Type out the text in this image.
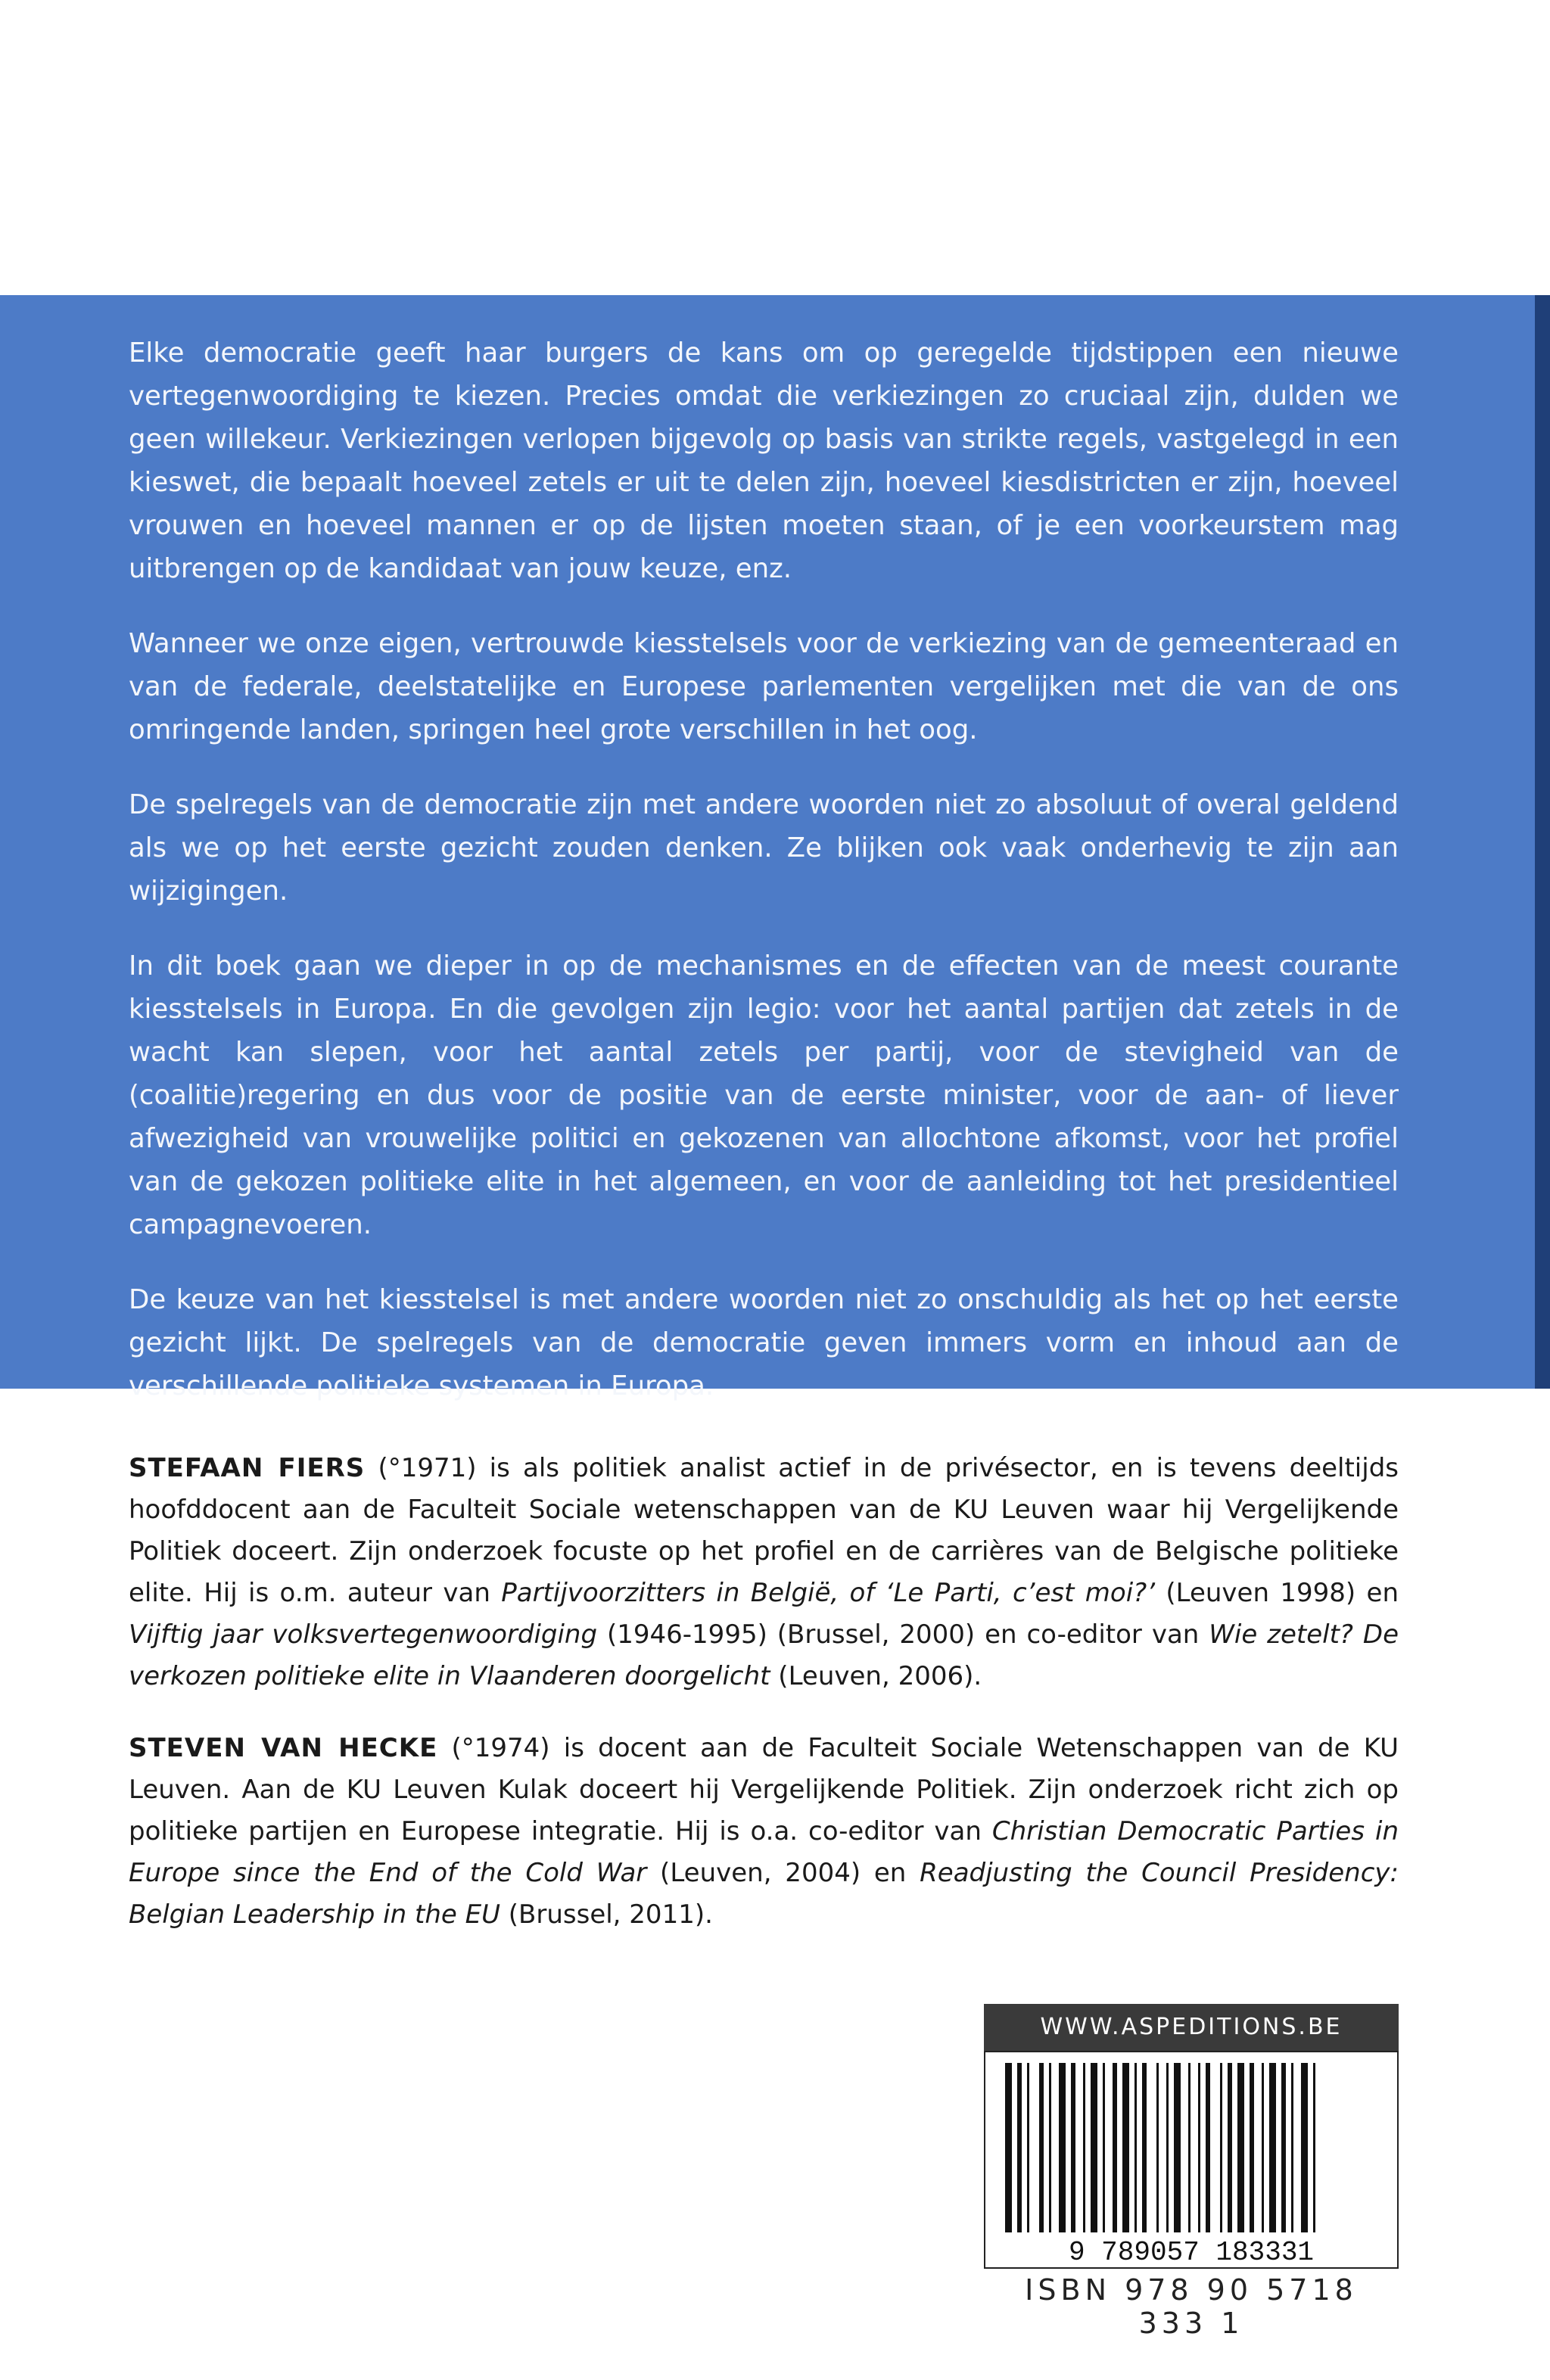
Elke democratie geeft haar burgers de kans om op geregelde tijdstippen een nieuwe vertegenwoordiging te kiezen. Precies omdat die verkiezingen zo cruciaal zijn, dulden we geen willekeur. Verkiezingen verlopen bijgevolg op basis van strikte regels, vastgelegd in een kieswet, die bepaalt hoeveel zetels er uit te delen zijn, hoeveel kiesdistricten er zijn, hoeveel vrouwen en hoeveel mannen er op de lijsten moeten staan, of je een voorkeurstem mag uitbrengen op de kandidaat van jouw keuze, enz.

Wanneer we onze eigen, vertrouwde kiesstelsels voor de verkiezing van de gemeenteraad en van de federale, deelstatelijke en Europese parlementen vergelijken met die van de ons omringende landen, springen heel grote verschillen in het oog.

De spelregels van de democratie zijn met andere woorden niet zo absoluut of overal geldend als we op het eerste gezicht zouden denken. Ze blijken ook vaak onderhevig te zijn aan wijzigingen.

In dit boek gaan we dieper in op de mechanismes en de effecten van de meest courante kiesstelsels in Europa. En die gevolgen zijn legio: voor het aantal partijen dat zetels in de wacht kan slepen, voor het aantal zetels per partij, voor de stevigheid van de (coalitie)regering en dus voor de positie van de eerste minister, voor de aan- of liever afwezigheid van vrouwelijke politici en gekozenen van allochtone afkomst, voor het profiel van de gekozen politieke elite in het algemeen, en voor de aanleiding tot het presidentieel campagnevoeren.

De keuze van het kiesstelsel is met andere woorden niet zo onschuldig als het op het eerste gezicht lijkt. De spelregels van de democratie geven immers vorm en inhoud aan de verschillende politieke systemen in Europa.

STEFAAN FIERS (°1971) is als politiek analist actief in de privésector, en is tevens deeltijds hoofddocent aan de Faculteit Sociale wetenschappen van de KU Leuven waar hij Vergelijkende Politiek doceert. Zijn onderzoek focuste op het profiel en de carrières van de Belgische politieke elite. Hij is o.m. auteur van Partijvoorzitters in België, of ‘Le Parti, c’est moi?’ (Leuven 1998) en Vijftig jaar volksvertegenwoordiging (1946-1995) (Brussel, 2000) en co-editor van Wie zetelt? De verkozen politieke elite in Vlaanderen doorgelicht (Leuven, 2006).

STEVEN VAN HECKE (°1974) is docent aan de Faculteit Sociale Wetenschappen van de KU Leuven. Aan de KU Leuven Kulak doceert hij Vergelijkende Politiek. Zijn onderzoek richt zich op politieke partijen en Europese integratie. Hij is o.a. co-editor van Christian Democratic Parties in Europe since the End of the Cold War (Leuven, 2004) en Readjusting the Council Presidency: Belgian Leadership in the EU (Brussel, 2011).

WWW.ASPEDITIONS.BE
9 789057 183331
ISBN 978 90 5718 333 1
